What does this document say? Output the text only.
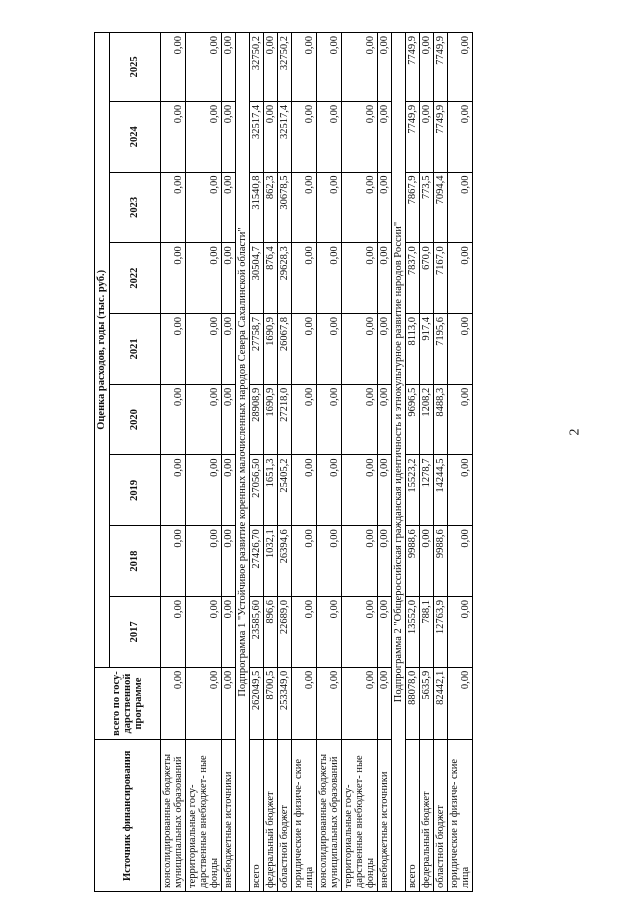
2
Источник финансирования	всего по госу- дарственной программе	Оценка расходов, годы (тыс. руб.)								
		2017	2018	2019	2020	2021	2022	2023	2024	2025
консолидированные бюджеты муниципальных образований	0,00	0,00	0,00	0,00	0,00	0,00	0,00	0,00	0,00	0,00
территориальные госу- дарственные внебюджет- ные фонды	0,00	0,00	0,00	0,00	0,00	0,00	0,00	0,00	0,00	0,00
внебюджетные источники	0,00	0,00	0,00	0,00	0,00	0,00	0,00	0,00	0,00	0,00
Подпрограмма 1 "Устойчивое развитие коренных малочисленных народов Севера Сахалинской области"										
всего	262049,5	23585,60	27426,70	27056,50	28908,9	27758,7	30504,7	31540,8	32517,4	32750,2
федеральный бюджет	8700,5	896,6	1032,1	1651,3	1690,9	1690,9	876,4	862,3	0,00	0,00
областной бюджет	253349,0	22689,0	26394,6	25405,2	27218,0	26067,8	29628,3	30678,5	32517,4	32750,2
юридические и физиче- ские лица	0,00	0,00	0,00	0,00	0,00	0,00	0,00	0,00	0,00	0,00
консолидированные бюджеты муниципальных образований	0,00	0,00	0,00	0,00	0,00	0,00	0,00	0,00	0,00	0,00
территориальные госу- дарственные внебюджет- ные фонды	0,00	0,00	0,00	0,00	0,00	0,00	0,00	0,00	0,00	0,00
внебюджетные источники	0,00	0,00	0,00	0,00	0,00	0,00	0,00	0,00	0,00	0,00
Подпрограмма 2 "Общероссийская гражданская идентичность и этнокультурное развитие народов России"										
всего	88078,0	13552,0	9988,6	15523,2	9696,5	8113,0	7837,0	7867,9	7749,9	7749,9
федеральный бюджет	5635,9	788,1	0,00	1278,7	1208,2	917,4	670,0	773,5	0,00	0,00
областной бюджет	82442,1	12763,9	9988,6	14244,5	8488,3	7195,6	7167,0	7094,4	7749,9	7749,9
юридические и физиче- ские лица	0,00	0,00	0,00	0,00	0,00	0,00	0,00	0,00	0,00	0,00
